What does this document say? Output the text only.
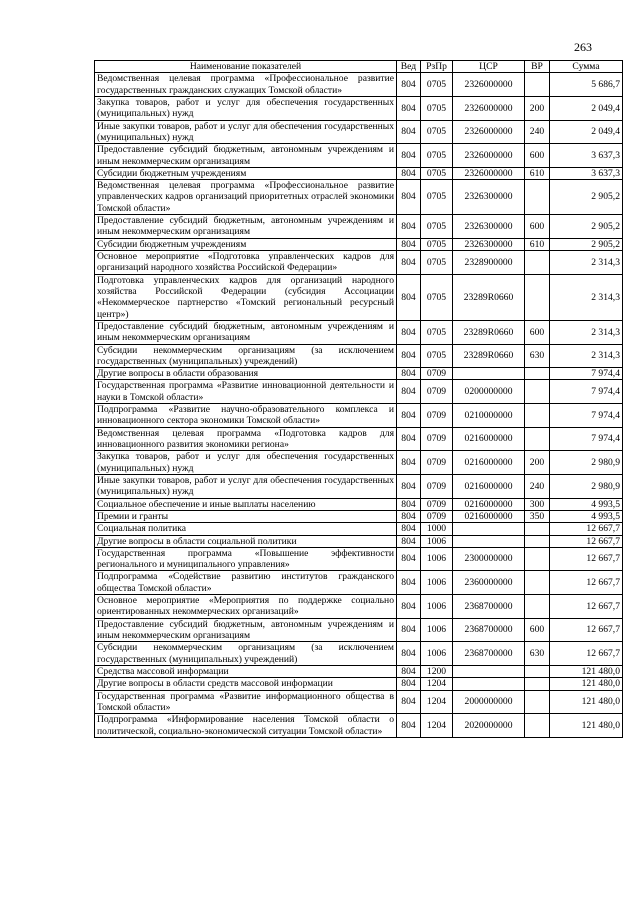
263
Наименование показателей	Вед	РзПр	ЦСР	ВР	Сумма
Ведомственная целевая программа «Профессиональное развитие государственных гражданских служащих Томской области»	804	0705	2326000000		5 686,7
Закупка товаров, работ и услуг для обеспечения государственных (муниципальных) нужд	804	0705	2326000000	200	2 049,4
Иные закупки товаров, работ и услуг для обеспечения государственных (муниципальных) нужд	804	0705	2326000000	240	2 049,4
Предоставление субсидий бюджетным, автономным учреждениям и иным некоммерческим организациям	804	0705	2326000000	600	3 637,3
Субсидии бюджетным учреждениям	804	0705	2326000000	610	3 637,3
Ведомственная целевая программа «Профессиональное развитие управленческих кадров организаций приоритетных отраслей экономики Томской области»	804	0705	2326300000		2 905,2
Предоставление субсидий бюджетным, автономным учреждениям и иным некоммерческим организациям	804	0705	2326300000	600	2 905,2
Субсидии бюджетным учреждениям	804	0705	2326300000	610	2 905,2
Основное мероприятие «Подготовка управленческих кадров для организаций народного хозяйства Российской Федерации»	804	0705	2328900000		2 314,3
Подготовка управленческих кадров для организаций народного хозяйства Российской Федерации (субсидия Ассоциации «Некоммерческое партнерство «Томский региональный ресурсный центр»)	804	0705	23289R0660		2 314,3
Предоставление субсидий бюджетным, автономным учреждениям и иным некоммерческим организациям	804	0705	23289R0660	600	2 314,3
Субсидии некоммерческим организациям (за исключением государственных (муниципальных) учреждений)	804	0705	23289R0660	630	2 314,3
Другие вопросы в области образования	804	0709			7 974,4
Государственная программа «Развитие инновационной деятельности и науки в Томской области»	804	0709	0200000000		7 974,4
Подпрограмма «Развитие научно-образовательного комплекса и инновационного сектора экономики Томской области»	804	0709	0210000000		7 974,4
Ведомственная целевая программа «Подготовка кадров для инновационного развития экономики региона»	804	0709	0216000000		7 974,4
Закупка товаров, работ и услуг для обеспечения государственных (муниципальных) нужд	804	0709	0216000000	200	2 980,9
Иные закупки товаров, работ и услуг для обеспечения государственных (муниципальных) нужд	804	0709	0216000000	240	2 980,9
Социальное обеспечение и иные выплаты населению	804	0709	0216000000	300	4 993,5
Премии и гранты	804	0709	0216000000	350	4 993,5
Социальная политика	804	1000			12 667,7
Другие вопросы в области социальной политики	804	1006			12 667,7
Государственная программа «Повышение эффективности регионального и муниципального управления»	804	1006	2300000000		12 667,7
Подпрограмма «Содействие развитию институтов гражданского общества Томской области»	804	1006	2360000000		12 667,7
Основное мероприятие «Мероприятия по поддержке социально ориентированных некоммерческих организаций»	804	1006	2368700000		12 667,7
Предоставление субсидий бюджетным, автономным учреждениям и иным некоммерческим организациям	804	1006	2368700000	600	12 667,7
Субсидии некоммерческим организациям (за исключением государственных (муниципальных) учреждений)	804	1006	2368700000	630	12 667,7
Средства массовой информации	804	1200			121 480,0
Другие вопросы в области средств массовой информации	804	1204			121 480,0
Государственная программа «Развитие информационного общества в Томской области»	804	1204	2000000000		121 480,0
Подпрограмма «Информирование населения Томской области о политической, социально-экономической ситуации Томской области»	804	1204	2020000000		121 480,0
